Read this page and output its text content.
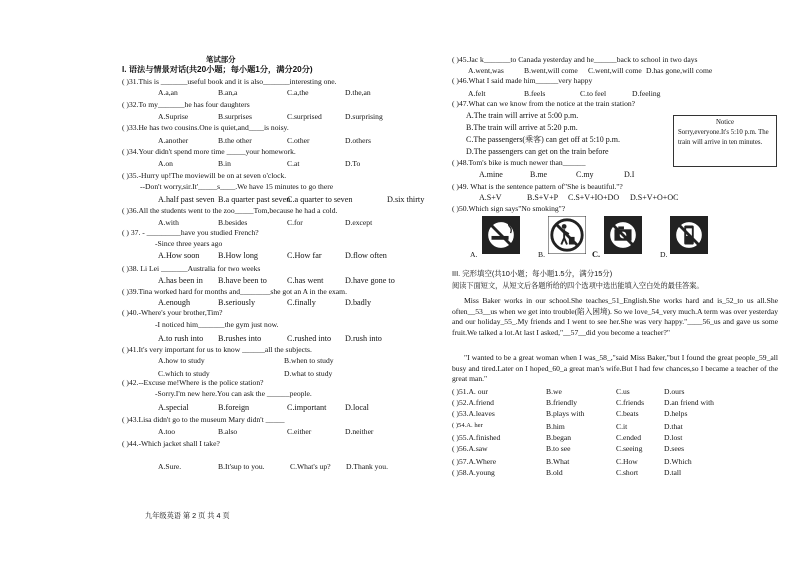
笔试部分
I. 语法与情景对话(共20小题；每小题1分，满分20分)
( )31.This is _______useful book and it is also_______interesting one.
A.a,an	B.an,a	C.a,the	D.the,an
( )32.To my_______he has four daughters
A.Suprise	B.surprises	C.surprised	D.surprising
( )33.He has two cousins.One is quiet,and____is noisy.
A.another	B.the other	C.other	D.others
( )34.Your didn't spend more time _____your homework.
A.on	B.in	C.at	D.To
( )35.-Hurry up!The moviewill be on at seven o'clock.
--Don't worry,sir.It'_____s____.We have 15 minutes to go there
A.half past seven B.a quarter past seven
C.a quarter to seven	D.six thirty
( )36.All the students went to the zoo_____Tom,because he had a cold.
A.with	B.besides	C.for	D.except
( ) 37. - _________have you studied French?
-Since three years ago
A.How soon B.How long	C.How far	D.flow often
( )38. Li Lei _______Australia for two weeks
A.has been in B.have been to C.has went	D.have gone to
( )39.Tina worked hard for months and________she got an A in the exam.
A.enough	B.seriously	C.finally	D.badly
( )40.-Where's your brother,Tim?
-I noticed him_______the gym just now.
A.to rush into B.rushes into	C.rushed into D.rush into
( )41.It's very important for us to know ______all the subjects.
A.how to study	B.when to study
C.which to study	D.what to study
( )42.--Excuse me!Where is the police station?
-Sorry.I'm new here.You can ask the ______people.
A.special	B.foreign	C.important D.local
( )43.Lisa didn't go to the museum Mary didn't _____
A.too	B.also	C.either	D.neither
( )44.-Which jacket shall I take?
A.Sure.	B.It'sup to you.	C.What's up? D.Thank you.
九年级英语 第 2 页 共 4 页
( )45.Jac k_______to Canada yesterday and he______back to school in two days
A.went,was	B.went,will come C.went,will come D.has gone,will come
( )46.What I said made him______very happy
A.felt	B.feels	C.to feel	D.feeling
( )47.What can we know from the notice at the train station?
A.The train will arrive at 5:00 p.m.
B.The train will arrive at 5:20 p.m.
C.The passengers(乘客) can get off at 5:10 p.m.
D.The passengers can get on the train before
Notice
Sorry,everyone.It's 5:10 p.m. The train will arrive in ten minutes.
( )48.Tom's bike is much newer than______
A.mine	B.me	C.my	D.I
( )49. What is the sentence pattern of"She is beautiful."?
A.S+V	B.S+V+P C.S+V+IO+DO D.S+V+O+OC
( )50.Which sign says"No smoking"?
A.	B.	C.	D.
III. 完形填空(共10小题；每小题1.5分，满分15分)
阅读下面短文，从短文后各题所给的四个选项中选出能填入空白处的最佳答案。
Miss Baker works in our school.She teaches_51_English.She works hard and is_52_to us all.She often__53__us when we get into trouble(陷入困境). So we love_54_very much.A term was over yesterday and our holiday_55_.My friends and I went to see her.She was very happy."____56_us and gave us some fruit.We talked a lot.At last I asked,"__57__did you become a teacher?"
"I wanted to be a great woman when I was_58_,"said Miss Baker,"but I found the great people_59_all busy and tired.Later on I hoped_60_a great man's wife.But I had few chances,so I became a teacher of the great man."
( )51.A. our	B.we	C.us	D.ours
( )52.A.friend	B.friendly	C.friends	D.an friend with
( )53.A.leaves	B.plays with	C.beats	D.helps
( )54.A. her	B.him	C.it	D.that
( )55.A.finished	B.began	C.ended	D.lost
( )56.A.saw	B.to see	C.seeing	D.sees
( )57.A.Where	B.What	C.How	D.Which
( )58.A.young	B.old	C.short	D.tall
